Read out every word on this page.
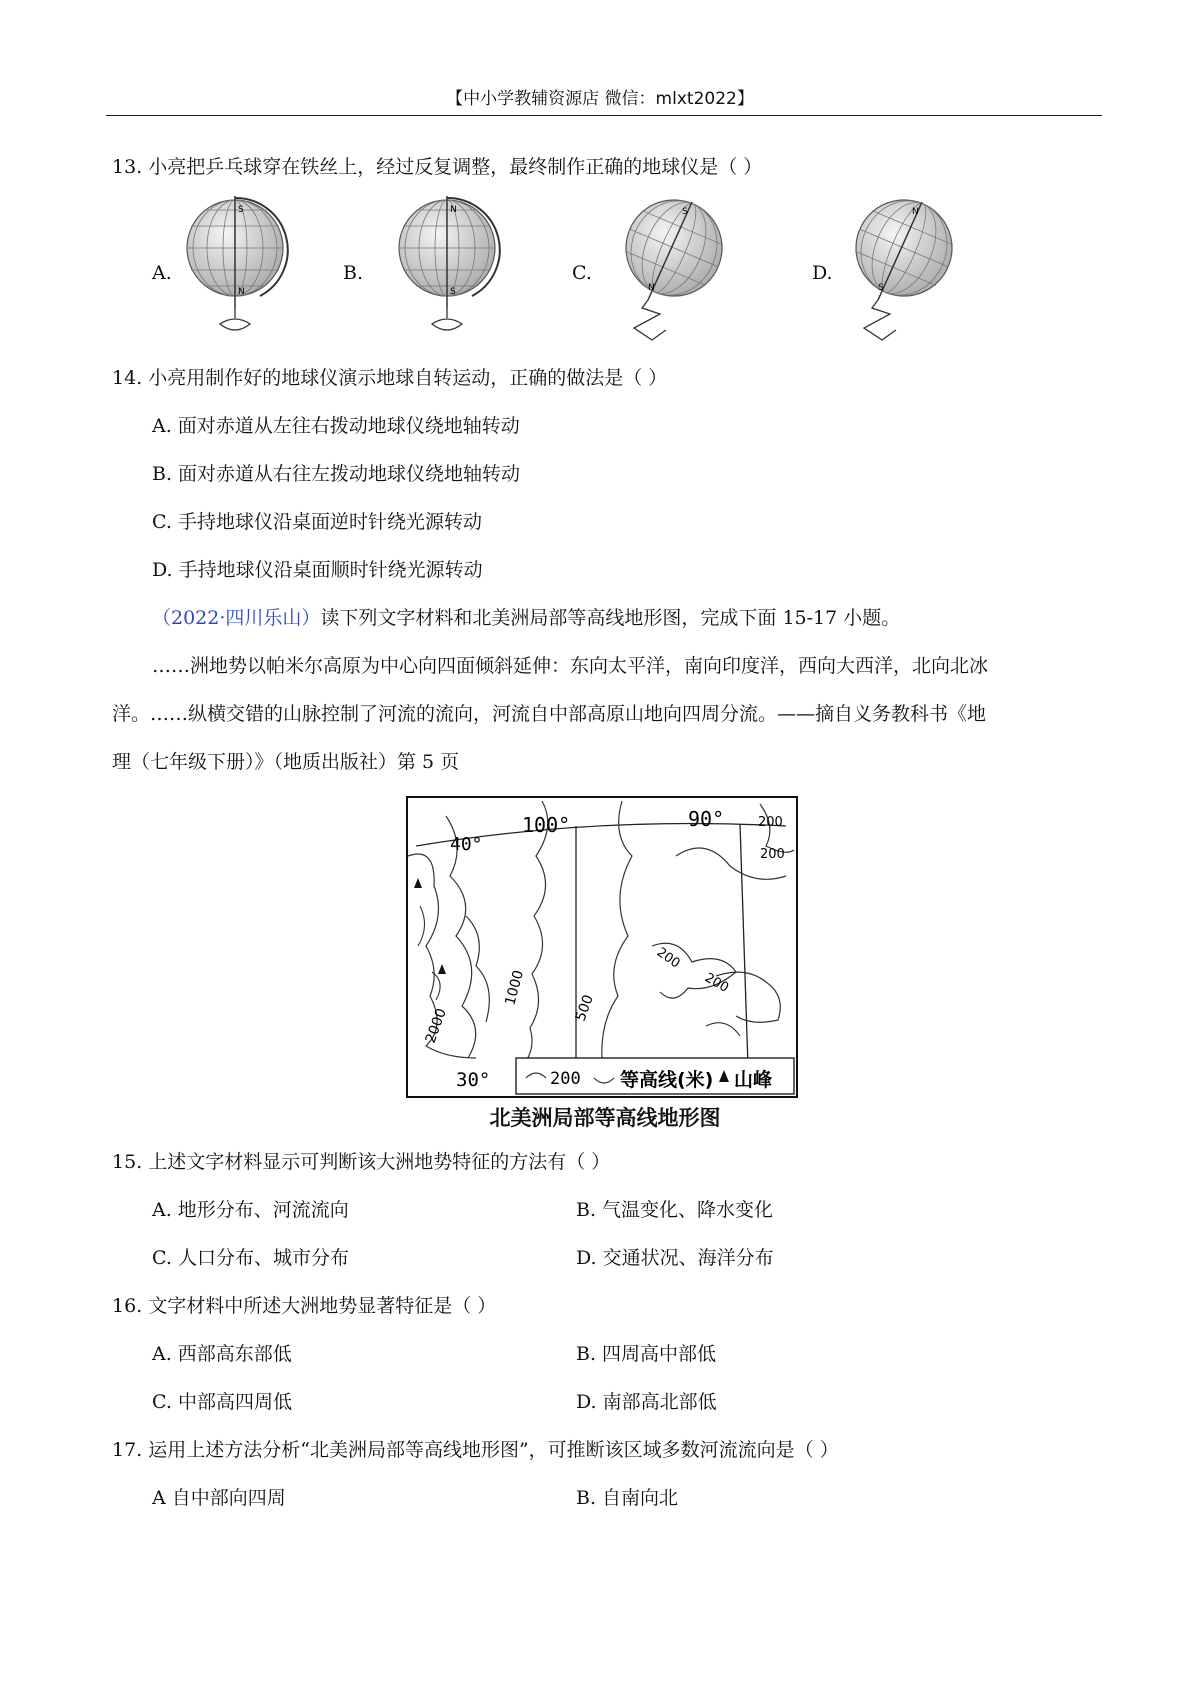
【中小学教辅资源店 微信：mlxt2022】
13. 小亮把乒乓球穿在铁丝上，经过反复调整，最终制作正确的地球仪是（ ）
A.
S
N
B.
N
S
C.
S
N
D.
N
S
14. 小亮用制作好的地球仪演示地球自转运动，正确的做法是（ ）
A. 面对赤道从左往右拨动地球仪绕地轴转动
B. 面对赤道从右往左拨动地球仪绕地轴转动
C. 手持地球仪沿桌面逆时针绕光源转动
D. 手持地球仪沿桌面顺时针绕光源转动
（2022·四川乐山）读下列文字材料和北美洲局部等高线地形图，完成下面 15-17 小题。
……洲地势以帕米尔高原为中心向四面倾斜延伸：东向太平洋，南向印度洋，西向大西洋，北向北冰
洋。……纵横交错的山脉控制了河流的流向，河流自中部高原山地向四周分流。——摘自义务教科书《地
理（七年级下册）》（地质出版社）第 5 页
40°
100°	90°
30°
200
200
200
200
1000
500
2000
200 等高线(米) 山峰
北美洲局部等高线地形图
15. 上述文字材料显示可判断该大洲地势特征的方法有（ ）
A. 地形分布、河流流向	B. 气温变化、降水变化
C. 人口分布、城市分布	D. 交通状况、海洋分布
16. 文字材料中所述大洲地势显著特征是（ ）
A. 西部高东部低	B. 四周高中部低
C. 中部高四周低	D. 南部高北部低
17. 运用上述方法分析“北美洲局部等高线地形图”，可推断该区域多数河流流向是（ ）
A 自中部向四周	B. 自南向北
